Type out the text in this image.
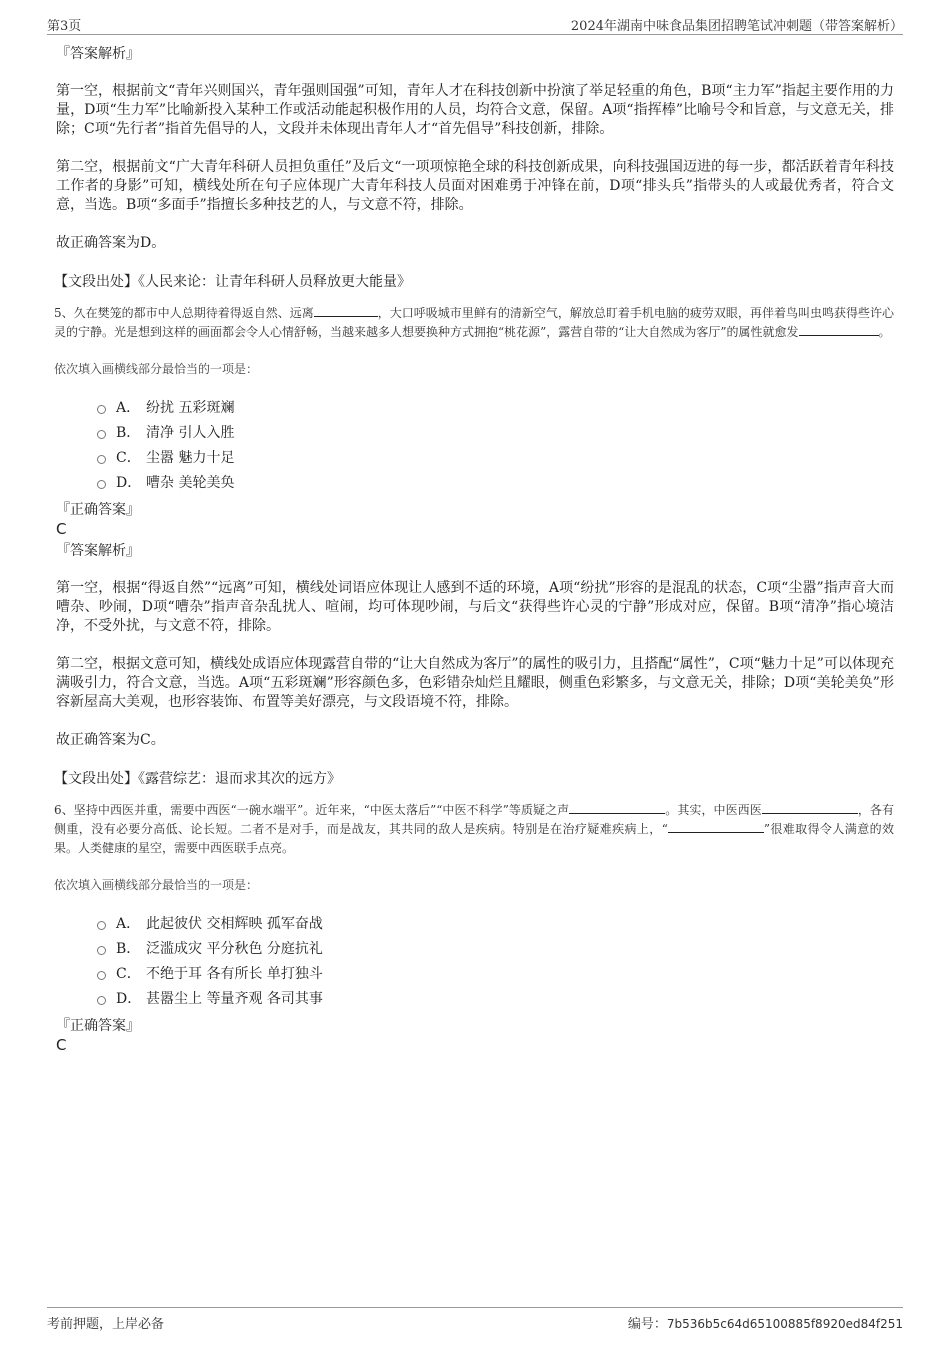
第3页	2024年湖南中味食品集团招聘笔试冲刺题（带答案解析）
『答案解析』

第一空，根据前文“青年兴则国兴，青年强则国强”可知，青年人才在科技创新中扮演了举足轻重的角色，B项“主力军”指起主要作用的力量，D项“生力军”比喻新投入某种工作或活动能起积极作用的人员，均符合文意，保留。A项“指挥棒”比喻号令和旨意，与文意无关，排除；C项“先行者”指首先倡导的人，文段并未体现出青年人才“首先倡导”科技创新，排除。

第二空，根据前文“广大青年科研人员担负重任”及后文“一项项惊艳全球的科技创新成果，向科技强国迈进的每一步，都活跃着青年科技工作者的身影”可知，横线处所在句子应体现广大青年科技人员面对困难勇于冲锋在前，D项“排头兵”指带头的人或最优秀者，符合文意，当选。B项“多面手”指擅长多种技艺的人，与文意不符，排除。

故正确答案为D。

【文段出处】《人民来论：让青年科研人员释放更大能量》

5、久在樊笼的都市中人总期待着得返自然、远离	，大口呼吸城市里鲜有的清新空气，解放总盯着手机电脑的疲劳双眼，再伴着鸟叫虫鸣获得些许心灵的宁静。光是想到这样的画面都会令人心情舒畅，当越来越多人想要换种方式拥抱“桃花源”，露营自带的“让大自然成为客厅”的属性就愈发	。

依次填入画横线部分最恰当的一项是：
A． 纷扰 五彩斑斓
B． 清净 引人入胜
C． 尘嚣 魅力十足
D． 嘈杂 美轮美奂
『正确答案』
C
『答案解析』

第一空，根据“得返自然”“远离”可知，横线处词语应体现让人感到不适的环境，A项“纷扰”形容的是混乱的状态，C项“尘嚣”指声音大而嘈杂、吵闹，D项“嘈杂”指声音杂乱扰人、喧闹，均可体现吵闹，与后文“获得些许心灵的宁静”形成对应，保留。B项“清净”指心境洁净，不受外扰，与文意不符，排除。

第二空，根据文意可知，横线处成语应体现露营自带的“让大自然成为客厅”的属性的吸引力，且搭配“属性”，C项“魅力十足”可以体现充满吸引力，符合文意，当选。A项“五彩斑斓”形容颜色多，色彩错杂灿烂且耀眼，侧重色彩繁多，与文意无关，排除；D项“美轮美奂”形容新屋高大美观，也形容装饰、布置等美好漂亮，与文段语境不符，排除。

故正确答案为C。

【文段出处】《露营综艺：退而求其次的远方》

6、坚持中西医并重，需要中西医“一碗水端平”。近年来，“中医太落后”“中医不科学”等质疑之声	。其实，中医西医	，各有侧重，没有必要分高低、论长短。二者不是对手，而是战友，其共同的敌人是疾病。特别是在治疗疑难疾病上，“	”很难取得令人满意的效果。人类健康的星空，需要中西医联手点亮。

依次填入画横线部分最恰当的一项是：
A． 此起彼伏 交相辉映 孤军奋战
B． 泛滥成灾 平分秋色 分庭抗礼
C． 不绝于耳 各有所长 单打独斗
D． 甚嚣尘上 等量齐观 各司其事
『正确答案』
C
考前押题，上岸必备	编号：7b536b5c64d65100885f8920ed84f251
